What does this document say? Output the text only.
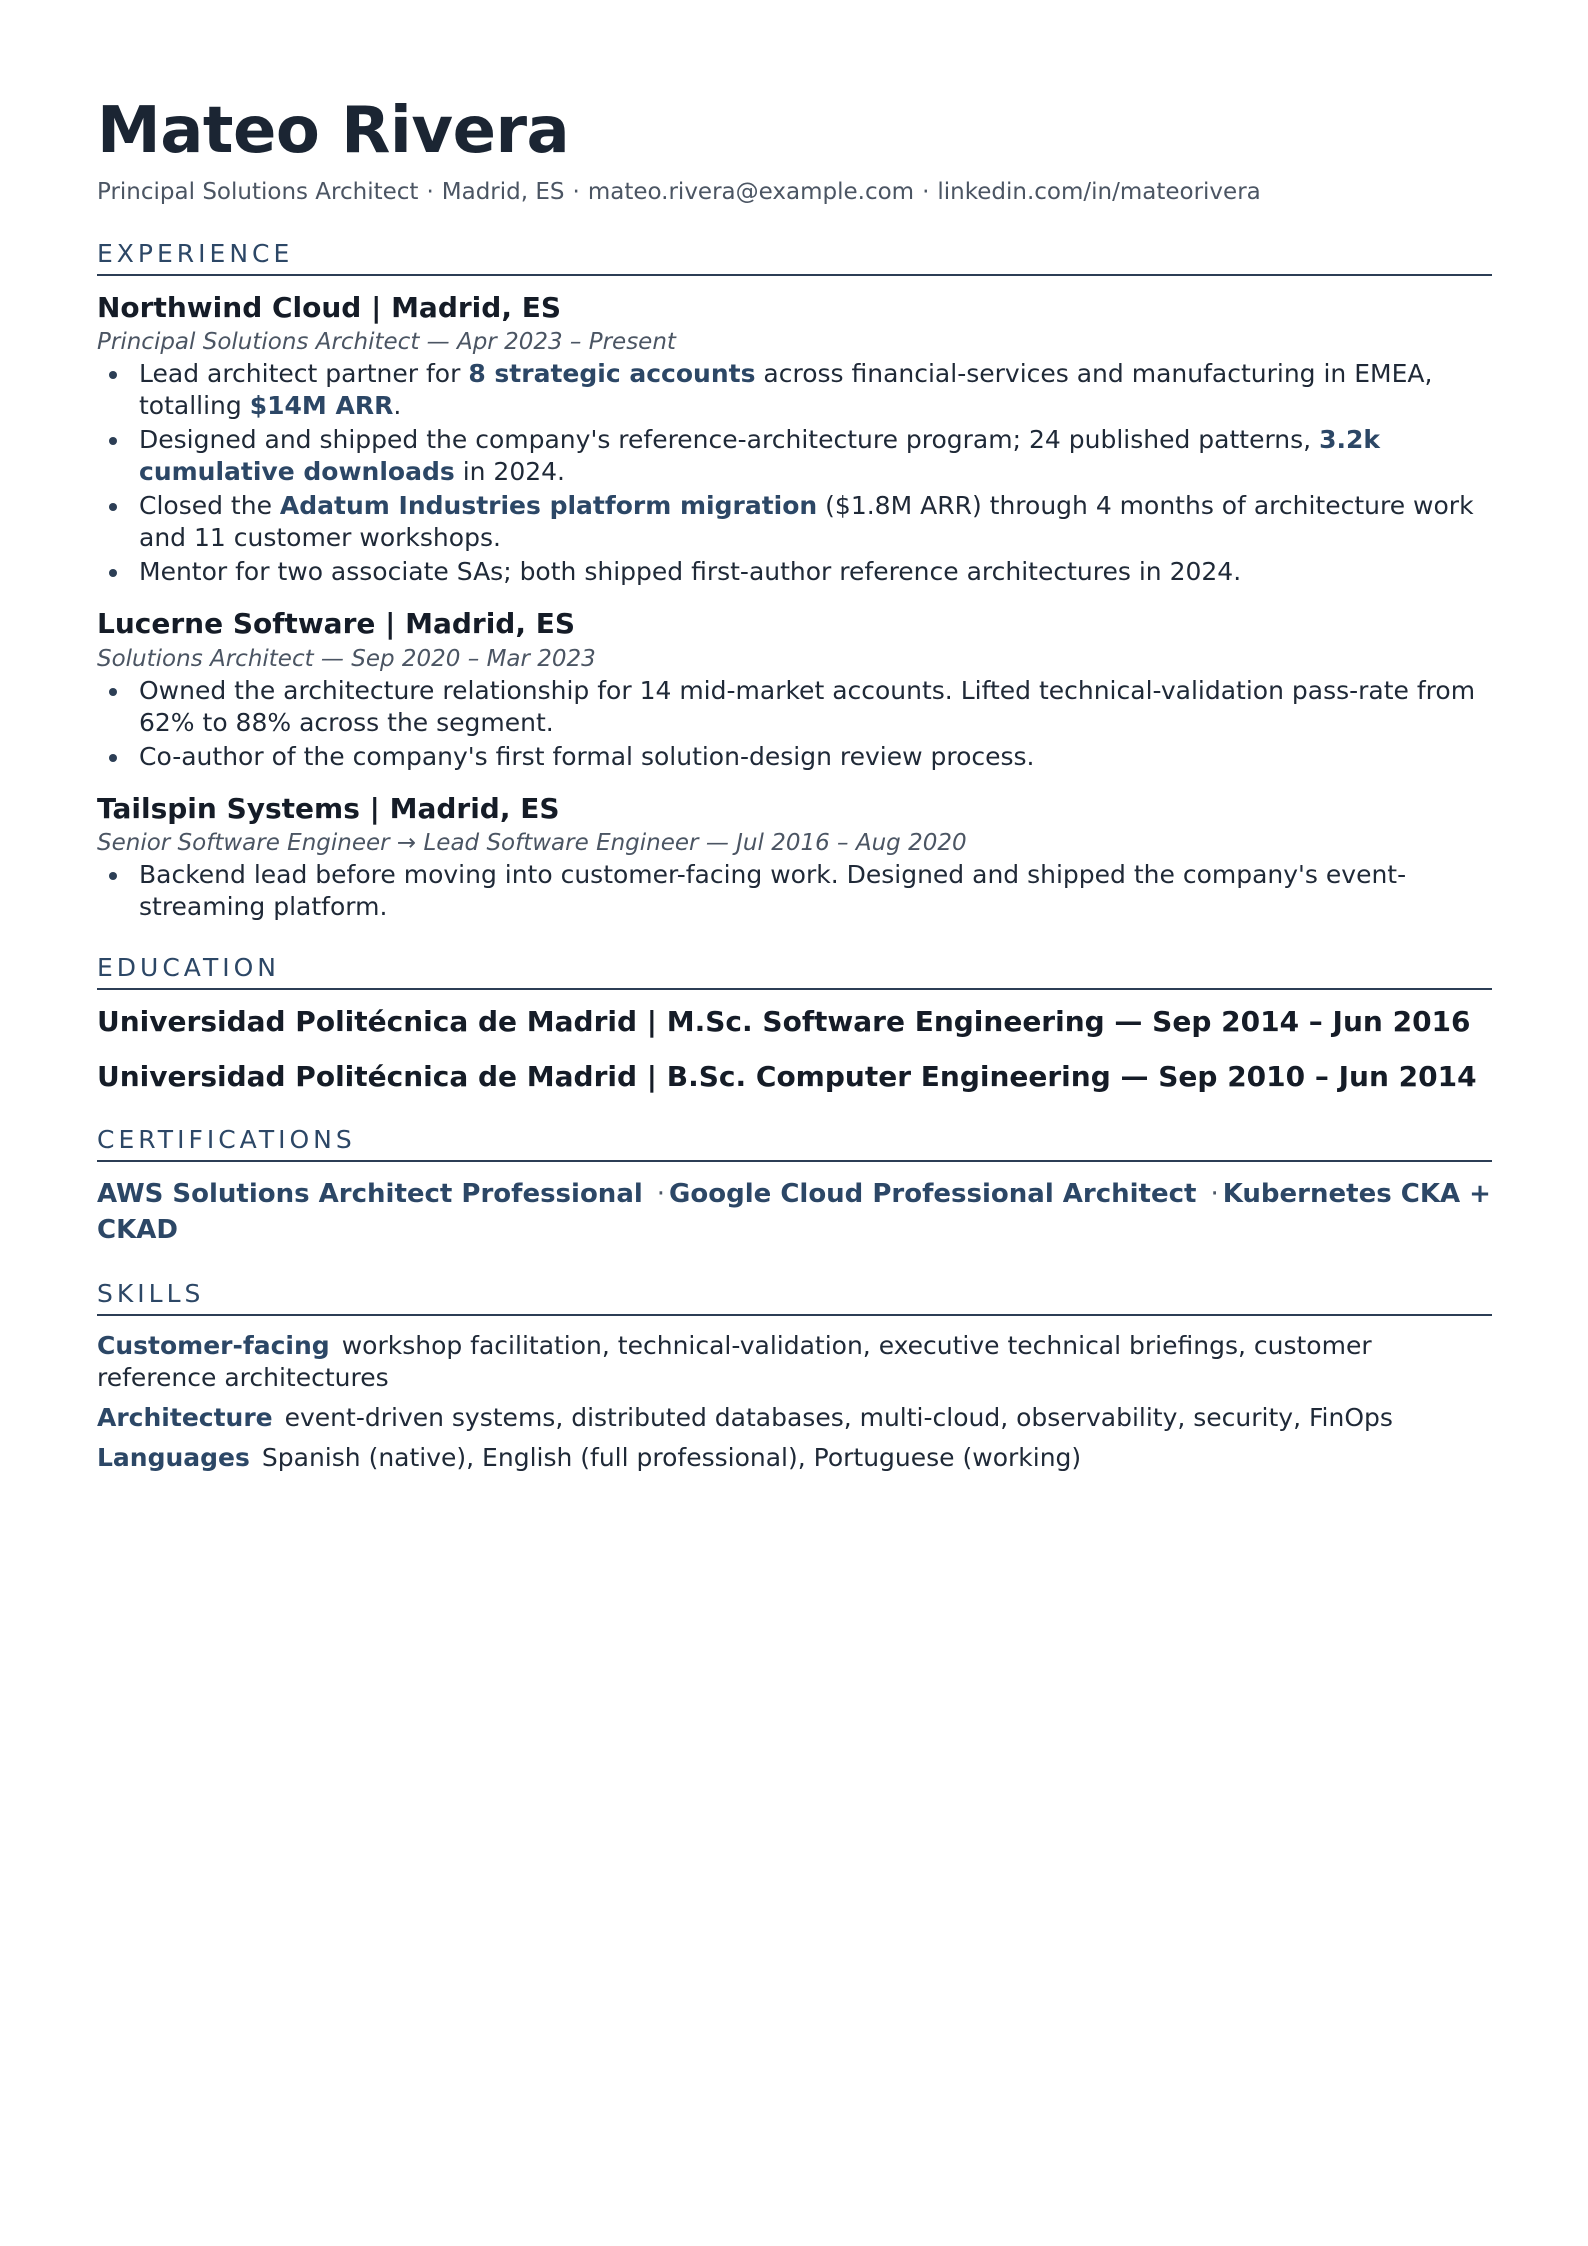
Mateo Rivera
Principal Solutions Architect · Madrid, ES · mateo.rivera@example.com · linkedin.com/in/mateorivera
EXPERIENCE
Northwind Cloud | Madrid, ES
Principal Solutions Architect — Apr 2023 – Present
Lead architect partner for 8 strategic accounts across financial-services and manufacturing in EMEA, totalling $14M ARR.
Designed and shipped the company's reference-architecture program; 24 published patterns, 3.2k cumulative downloads in 2024.
Closed the Adatum Industries platform migration ($1.8M ARR) through 4 months of architecture work and 11 customer workshops.
Mentor for two associate SAs; both shipped first-author reference architectures in 2024.
Lucerne Software | Madrid, ES
Solutions Architect — Sep 2020 – Mar 2023
Owned the architecture relationship for 14 mid-market accounts. Lifted technical-validation pass-rate from 62% to 88% across the segment.
Co-author of the company's first formal solution-design review process.
Tailspin Systems | Madrid, ES
Senior Software Engineer → Lead Software Engineer — Jul 2016 – Aug 2020
Backend lead before moving into customer-facing work. Designed and shipped the company's event-streaming platform.
EDUCATION
Universidad Politécnica de Madrid | M.Sc. Software Engineering — Sep 2014 – Jun 2016
Universidad Politécnica de Madrid | B.Sc. Computer Engineering — Sep 2010 – Jun 2014
CERTIFICATIONS
AWS Solutions Architect Professional · Google Cloud Professional Architect · Kubernetes CKA + CKAD
SKILLS
Customer-facing workshop facilitation, technical-validation, executive technical briefings, customer reference architectures
Architecture event-driven systems, distributed databases, multi-cloud, observability, security, FinOps
Languages Spanish (native), English (full professional), Portuguese (working)
